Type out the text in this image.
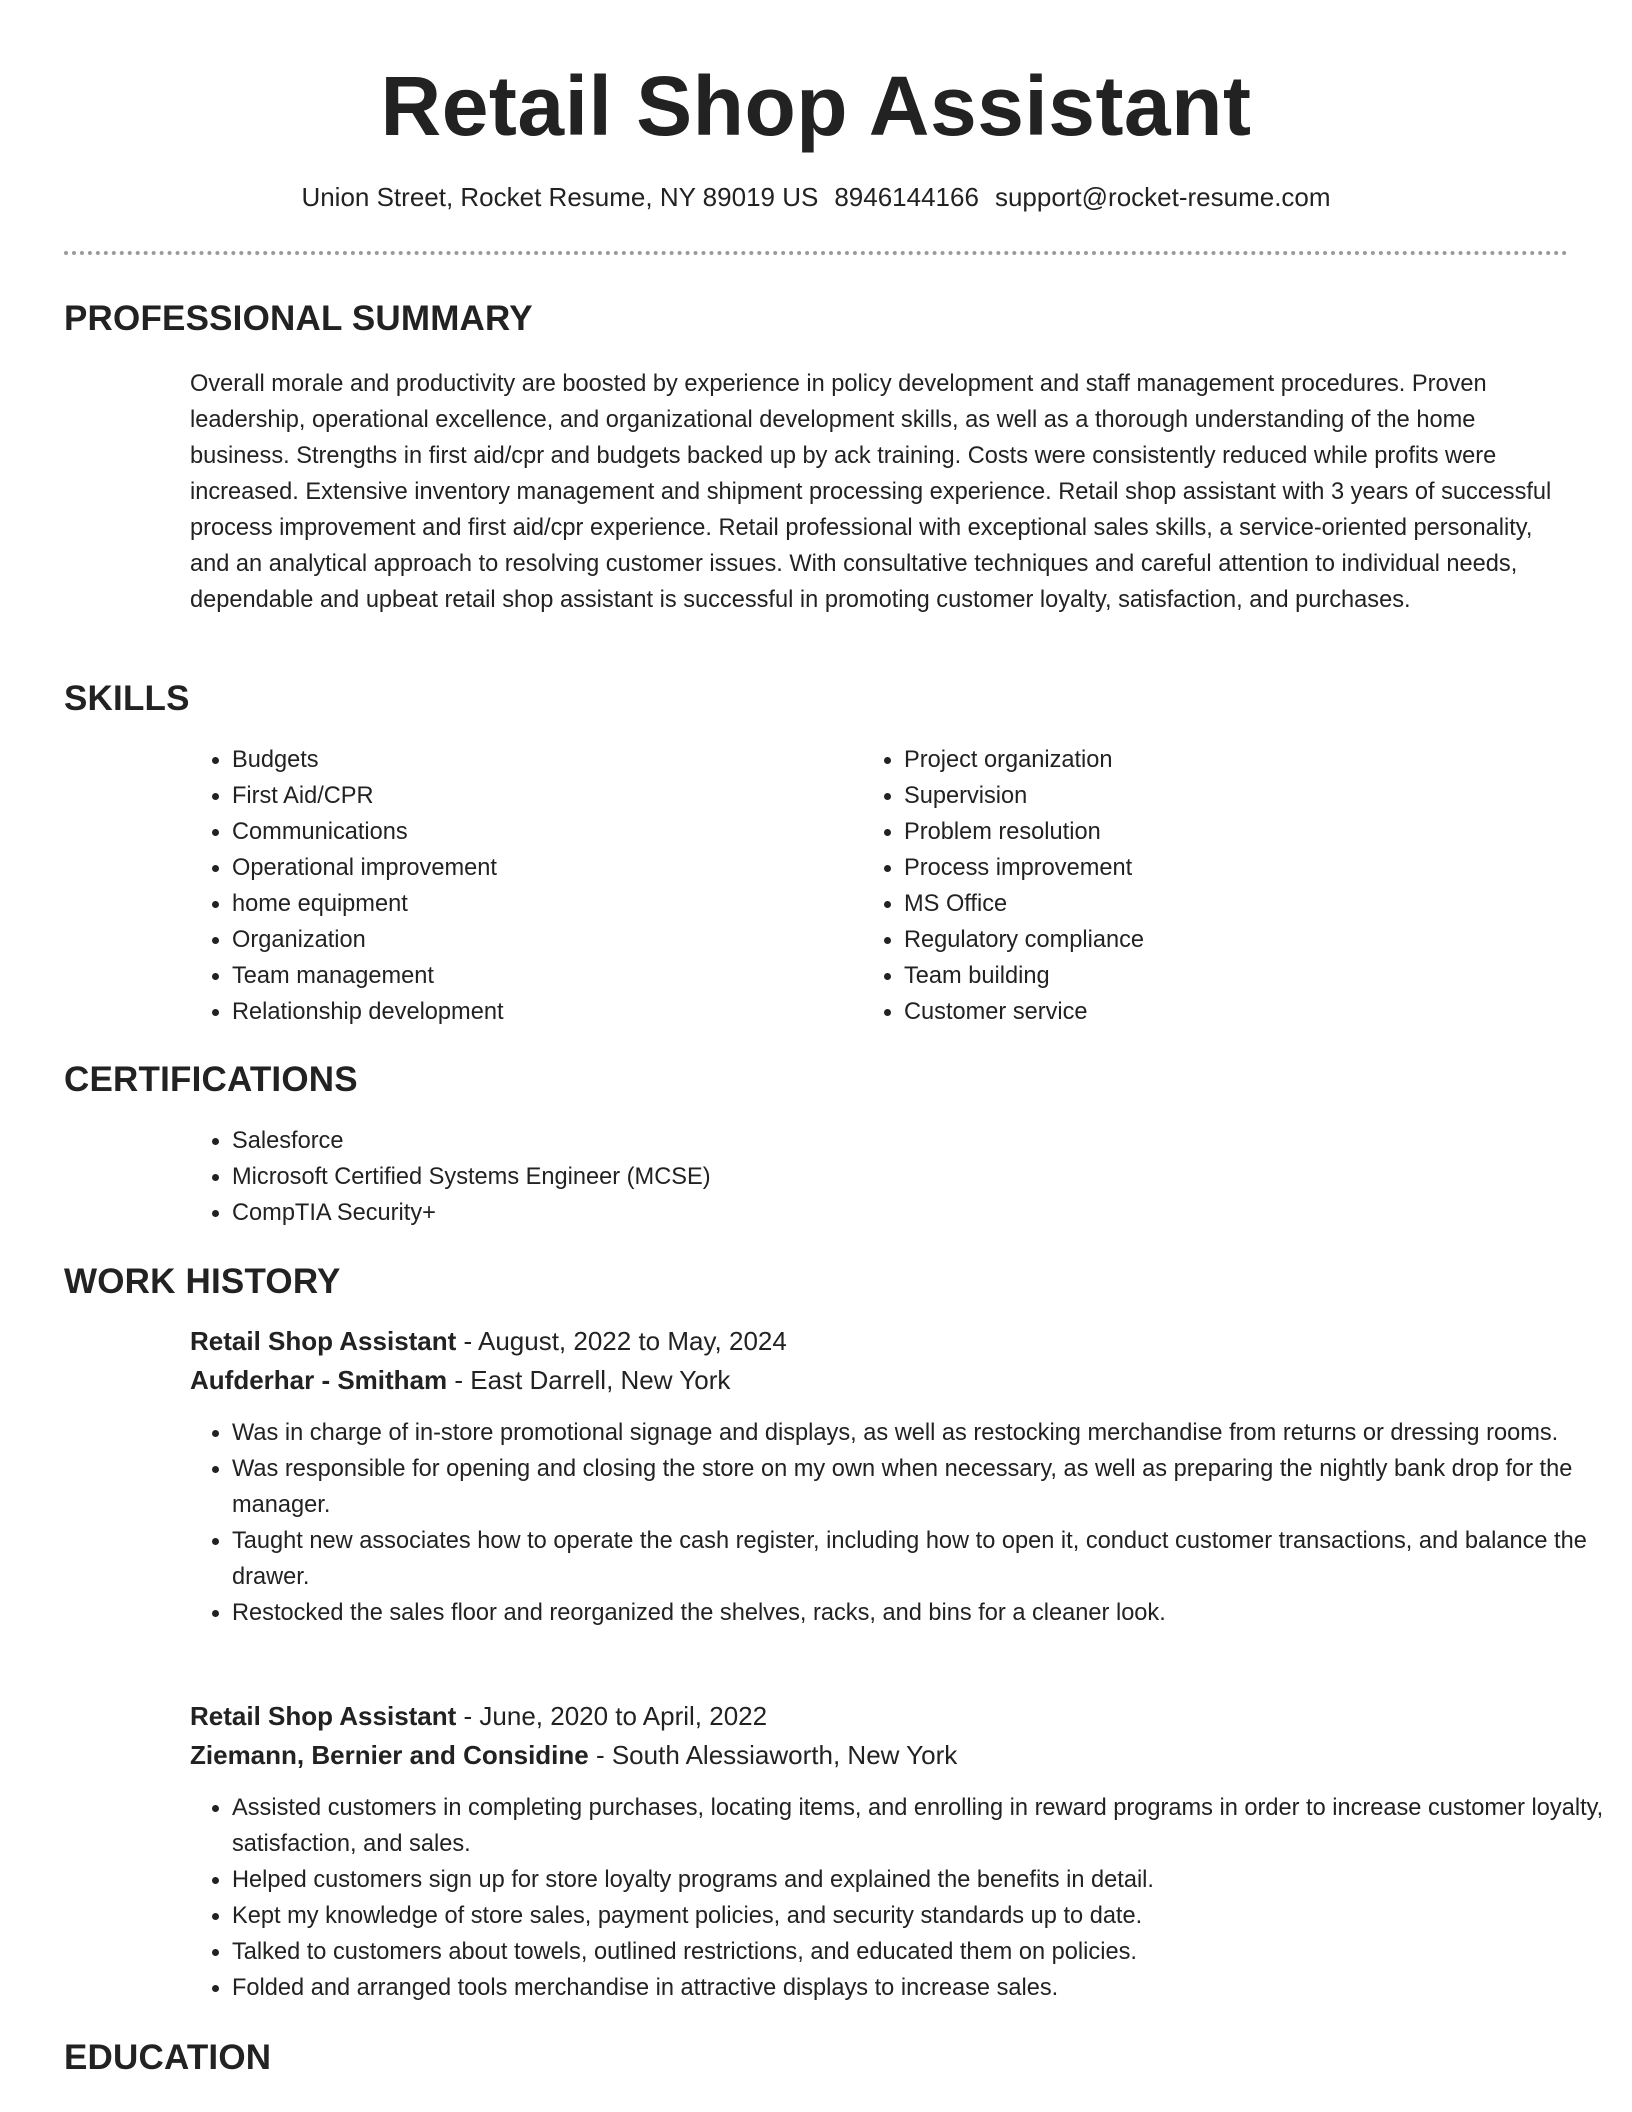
Retail Shop Assistant
Union Street, Rocket Resume, NY 89019 US 8946144166 support@rocket-resume.com
PROFESSIONAL SUMMARY

Overall morale and productivity are boosted by experience in policy development and staff management procedures. Proven leadership, operational excellence, and organizational development skills, as well as a thorough understanding of the home business. Strengths in first aid/cpr and budgets backed up by ack training. Costs were consistently reduced while profits were increased. Extensive inventory management and shipment processing experience. Retail shop assistant with 3 years of successful process improvement and first aid/cpr experience. Retail professional with exceptional sales skills, a service-oriented personality, and an analytical approach to resolving customer issues. With consultative techniques and careful attention to individual needs, dependable and upbeat retail shop assistant is successful in promoting customer loyalty, satisfaction, and purchases.

SKILLS
• Budgets
• First Aid/CPR
• Communications
• Operational improvement
• home equipment
• Organization
• Team management
• Relationship development
• Project organization
• Supervision
• Problem resolution
• Process improvement
• MS Office
• Regulatory compliance
• Team building
• Customer service
CERTIFICATIONS
• Salesforce
• Microsoft Certified Systems Engineer (MCSE)
• CompTIA Security+
WORK HISTORY
Retail Shop Assistant - August, 2022 to May, 2024
Aufderhar - Smitham - East Darrell, New York
• Was in charge of in-store promotional signage and displays, as well as restocking merchandise from returns or dressing rooms.
• Was responsible for opening and closing the store on my own when necessary, as well as preparing the nightly bank drop for the manager.
• Taught new associates how to operate the cash register, including how to open it, conduct customer transactions, and balance the drawer.
• Restocked the sales floor and reorganized the shelves, racks, and bins for a cleaner look.
Retail Shop Assistant - June, 2020 to April, 2022
Ziemann, Bernier and Considine - South Alessiaworth, New York
• Assisted customers in completing purchases, locating items, and enrolling in reward programs in order to increase customer loyalty, satisfaction, and sales.
• Helped customers sign up for store loyalty programs and explained the benefits in detail.
• Kept my knowledge of store sales, payment policies, and security standards up to date.
• Talked to customers about towels, outlined restrictions, and educated them on policies.
• Folded and arranged tools merchandise in attractive displays to increase sales.
EDUCATION
